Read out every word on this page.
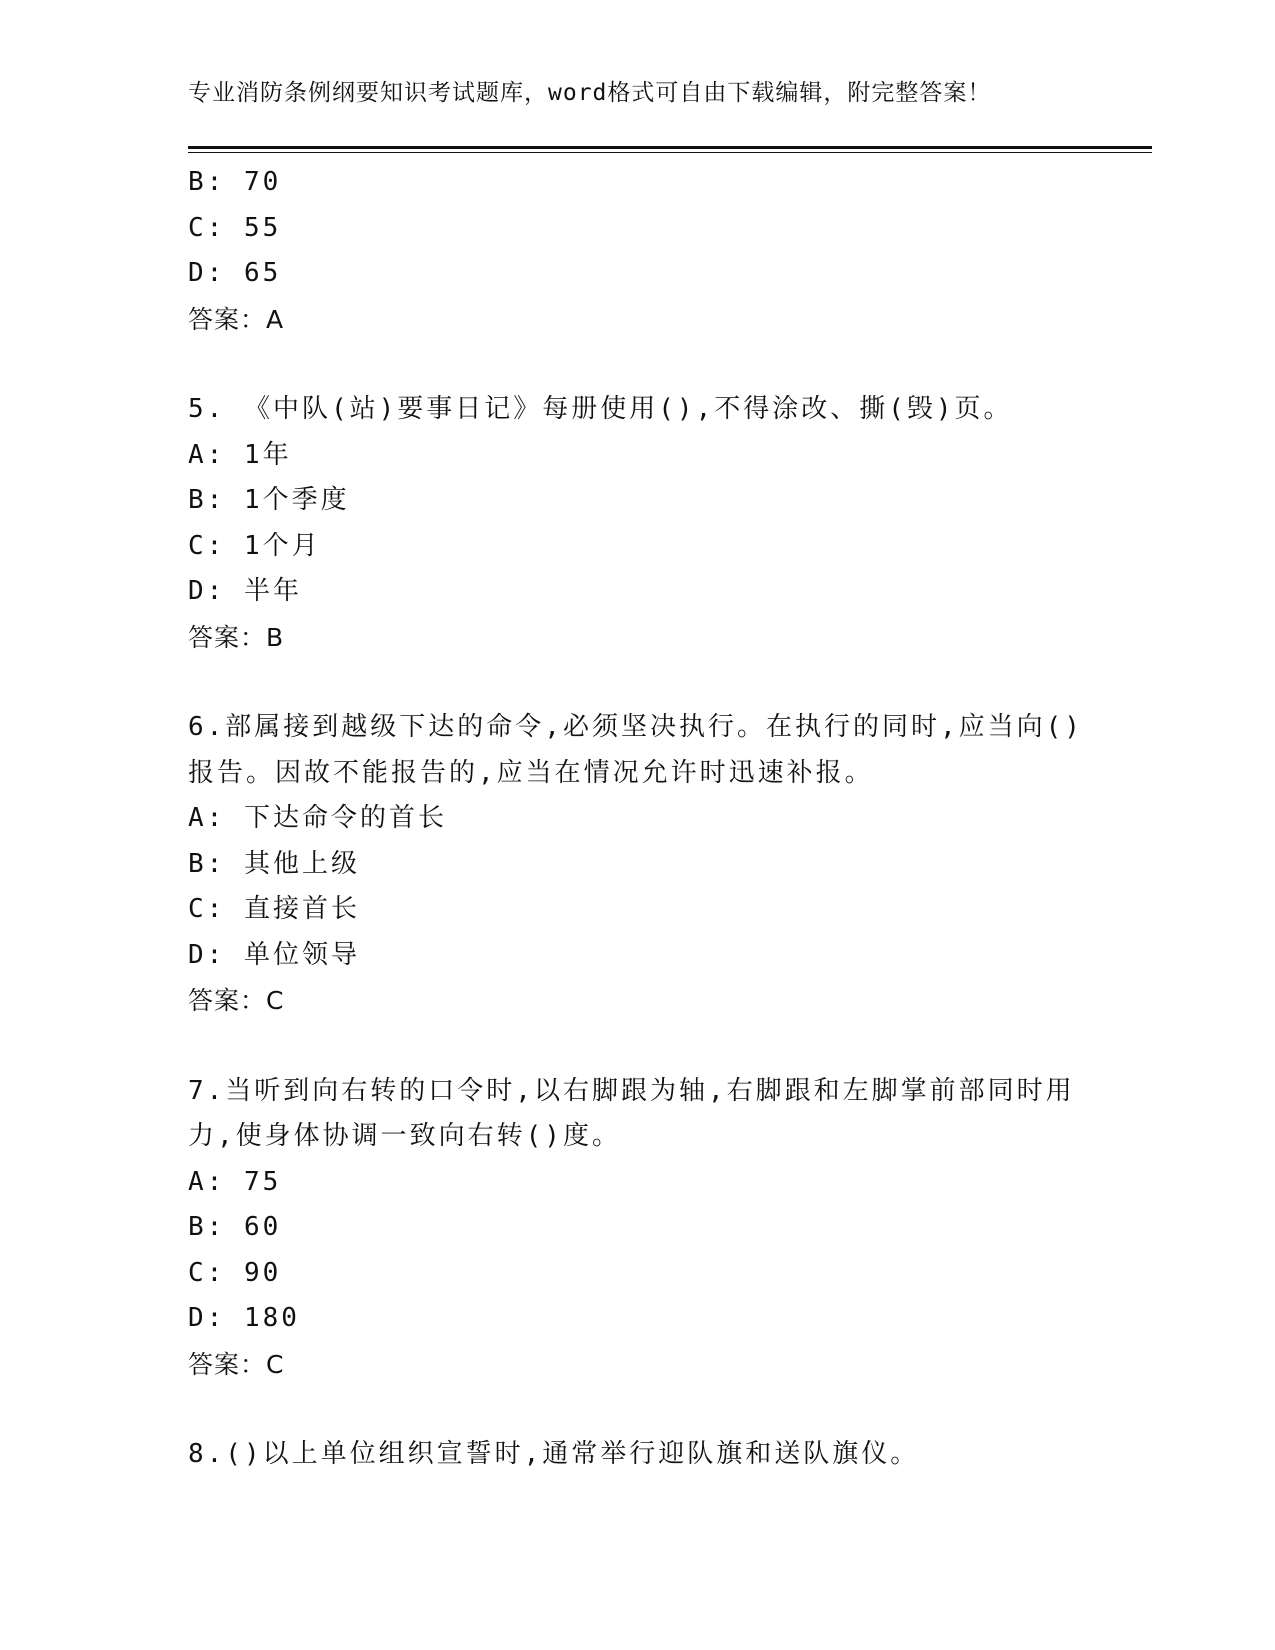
专业消防条例纲要知识考试题库，word格式可自由下载编辑，附完整答案！
B: 70
C: 55
D: 65
答案：A
5. 《中队(站)要事日记》每册使用(),不得涂改、撕(毁)页。
A: 1年
B: 1个季度
C: 1个月
D: 半年
答案：B
6.部属接到越级下达的命令,必须坚决执行。在执行的同时,应当向()
报告。因故不能报告的,应当在情况允许时迅速补报。
A: 下达命令的首长
B: 其他上级
C: 直接首长
D: 单位领导
答案：C
7.当听到向右转的口令时,以右脚跟为轴,右脚跟和左脚掌前部同时用
力,使身体协调一致向右转()度。
A: 75
B: 60
C: 90
D: 180
答案：C
8.()以上单位组织宣誓时,通常举行迎队旗和送队旗仪。
